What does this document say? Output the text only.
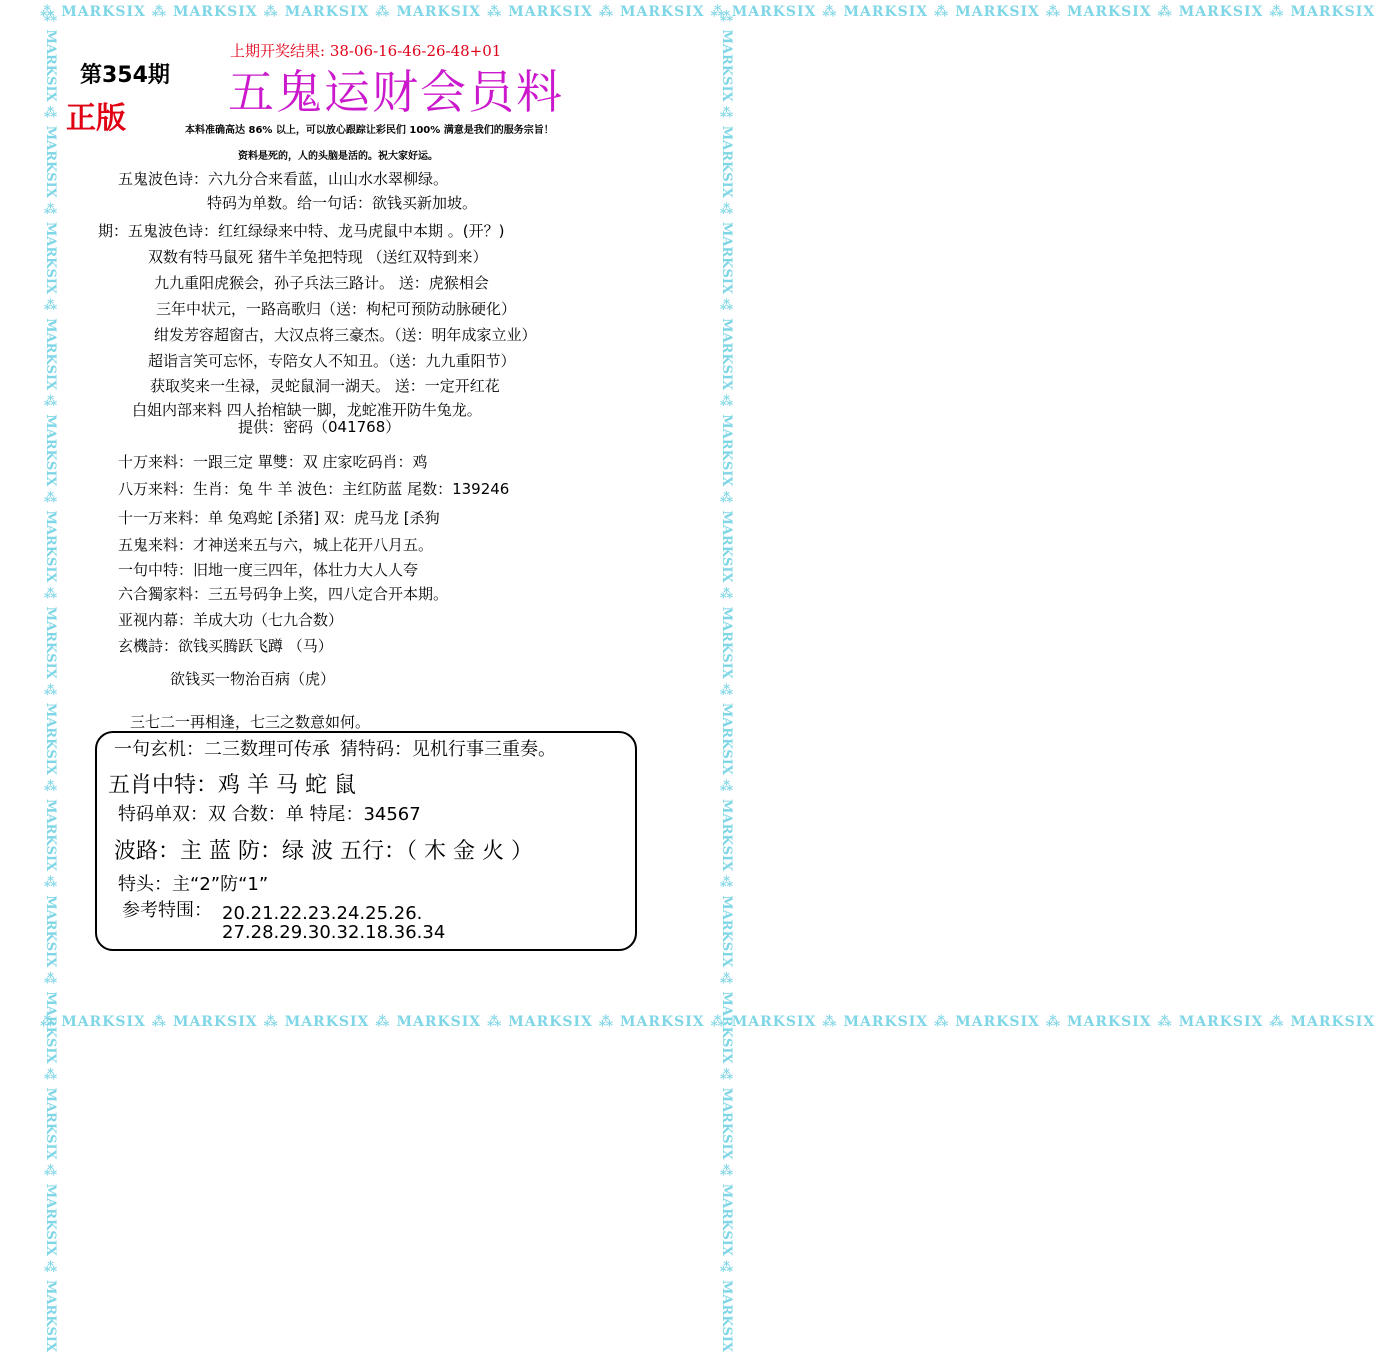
⁂ MARKSIX ⁂ MARKSIX ⁂ MARKSIX ⁂ MARKSIX ⁂ MARKSIX ⁂ MARKSIX ⁂ MARKSIX ⁂ MARKSIX ⁂ MARKSIX ⁂ MARKSIX ⁂ MARKSIX ⁂ MARKSIX
⁂ MARKSIX ⁂ MARKSIX ⁂ MARKSIX ⁂ MARKSIX ⁂ MARKSIX ⁂ MARKSIX ⁂ MARKSIX ⁂ MARKSIX ⁂ MARKSIX ⁂ MARKSIX ⁂ MARKSIX ⁂ MARKSIX
⁂ MARKSIX ⁂ MARKSIX ⁂ MARKSIX ⁂ MARKSIX ⁂ MARKSIX ⁂ MARKSIX ⁂ MARKSIX ⁂ MARKSIX ⁂ MARKSIX ⁂ MARKSIX ⁂ MARKSIX ⁂ MARKSIX ⁂ MARKSIX ⁂ MARKSIX	⁂ MARKSIX ⁂ MARKSIX ⁂ MARKSIX ⁂ MARKSIX ⁂ MARKSIX ⁂ MARKSIX ⁂ MARKSIX ⁂ MARKSIX ⁂ MARKSIX ⁂ MARKSIX ⁂ MARKSIX ⁂ MARKSIX ⁂ MARKSIX ⁂ MARKSIX
上期开奖结果: 38-06-16-46-26-48+01
第354期 五鬼运财会员料
正版	本料准确高达 86% 以上，可以放心跟踪让彩民们 100% 满意是我们的服务宗旨！
资料是死的，人的头脑是活的。祝大家好运。
五鬼波色诗：六九分合来看蓝，山山水水翠柳绿。
特码为单数。给一句话：欲钱买新加坡。
期：五鬼波色诗：红红绿绿来中特、龙马虎鼠中本期 。(开？)
双数有特马鼠死 猪牛羊兔把特现 （送红双特到来）
九九重阳虎猴会，孙子兵法三路计。 送：虎猴相会
三年中状元，一路高歌归（送：枸杞可预防动脉硬化）
绀发芳容超窗古，大汉点将三豪杰。（送：明年成家立业）
超诣言笑可忘怀，专陪女人不知丑。（送：九九重阳节）
获取奖来一生禄，灵蛇鼠洞一湖天。 送：一定开红花
白姐内部来料 四人抬棺缺一脚，龙蛇准开防牛兔龙。
提供：密码（041768）
十万来料：一跟三定 單雙：双 庄家吃码肖：鸡
八万来料：生肖：兔 牛 羊 波色：主红防蓝 尾数：139246
十一万来料：单 兔鸡蛇 [杀猪] 双：虎马龙 [杀狗
五鬼来料：才神送来五与六，城上花开八月五。
一句中特：旧地一度三四年，体壮力大人人夸
六合獨家料：三五号码争上奖，四八定合开本期。
亚视内幕：羊成大功（七九合数）
玄機詩：欲钱买腾跃飞蹲 （马）
欲钱买一物治百病（虎）
三七二一再相逢，七三之数意如何。
一句玄机：二三数理可传承 猜特码：见机行事三重奏。
五肖中特：鸡 羊 马 蛇 鼠
特码单双：双 合数：单 特尾：34567
波路：主 蓝 防：绿 波 五行：（ 木 金 火 ）
特头：主“2”防“1”
参考特围： 20.21.22.23.24.25.26.
27.28.29.30.32.18.36.34
